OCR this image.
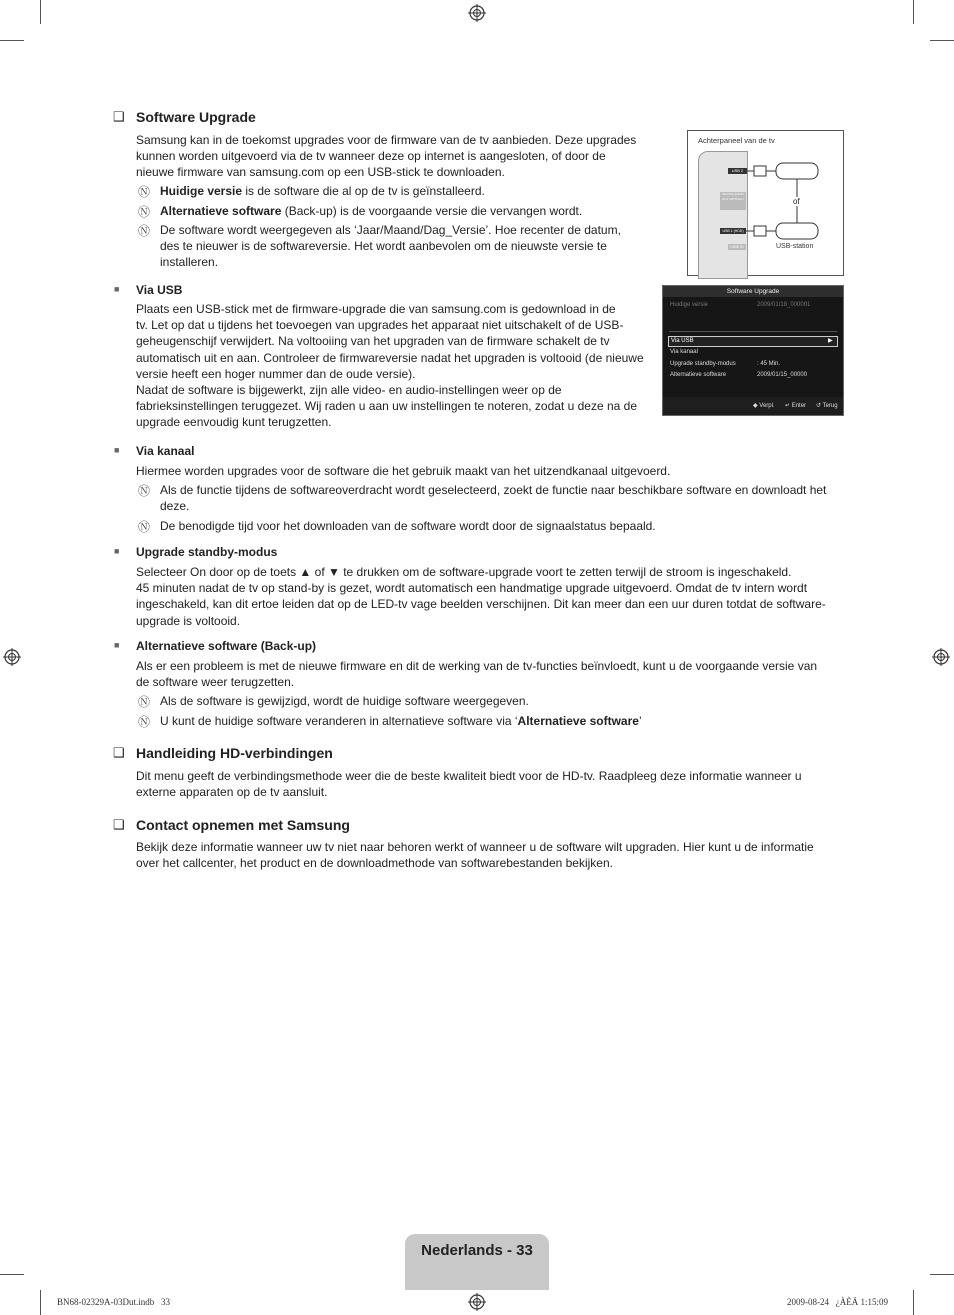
❑ Software Upgrade
Samsung kan in de toekomst upgrades voor de firmware van de tv aanbieden. Deze upgrades
kunnen worden uitgevoerd via de tv wanneer deze op internet is aangesloten, of door de
nieuwe firmware van samsung.com op een USB-stick te downloaden.
Ⓝ Huidige versie is de software die al op de tv is geïnstalleerd.
Ⓝ Alternatieve software (Back-up) is de voorgaande versie die vervangen wordt.
Ⓝ De software wordt weergegeven als ‘Jaar/Maand/Dag_Versie’. Hoe recenter de datum,
des te nieuwer is de softwareversie. Het wordt aanbevolen om de nieuwste versie te
installeren.
Achterpaneel van de tv
USB 2
DIGITAL AUDIO OUT (OPTICAL)
USB 1 (HDD)
HDMI IN
of
USB-station
■ Via USB
Plaats een USB-stick met de firmware-upgrade die van samsung.com is gedownload in de
tv. Let op dat u tijdens het toevoegen van upgrades het apparaat niet uitschakelt of de USB-
geheugenschijf verwijdert. Na voltooiing van het upgraden van de firmware schakelt de tv
automatisch uit en aan. Controleer de firmwareversie nadat het upgraden is voltooid (de nieuwe
versie heeft een hoger nummer dan de oude versie).
Nadat de software is bijgewerkt, zijn alle video- en audio-instellingen weer op de
fabrieksinstellingen teruggezet. Wij raden u aan uw instellingen te noteren, zodat u deze na de
upgrade eenvoudig kunt terugzetten.
Software Upgrade
Huidige versie	2009/01/18_000001
Via USB	▶
Via kanaal
Upgrade standby-modus	: 45 Min.
Alternatieve software	2009/01/15_00000
◆ Verpl. ↵ Enter ↺ Terug
■ Via kanaal
Hiermee worden upgrades voor de software die het gebruik maakt van het uitzendkanaal uitgevoerd.
Ⓝ Als de functie tijdens de softwareoverdracht wordt geselecteerd, zoekt de functie naar beschikbare software en downloadt het
deze.
Ⓝ De benodigde tijd voor het downloaden van de software wordt door de signaalstatus bepaald.
■ Upgrade standby-modus
Selecteer On door op de toets ▲ of ▼ te drukken om de software-upgrade voort te zetten terwijl de stroom is ingeschakeld.
45 minuten nadat de tv op stand-by is gezet, wordt automatisch een handmatige upgrade uitgevoerd. Omdat de tv intern wordt
ingeschakeld, kan dit ertoe leiden dat op de LED-tv vage beelden verschijnen. Dit kan meer dan een uur duren totdat de software-
upgrade is voltooid.
■ Alternatieve software (Back-up)
Als er een probleem is met de nieuwe firmware en dit de werking van de tv-functies beïnvloedt, kunt u de voorgaande versie van
de software weer terugzetten.
Ⓝ Als de software is gewijzigd, wordt de huidige software weergegeven.
Ⓝ U kunt de huidige software veranderen in alternatieve software via ‘Alternatieve software’
❑ Handleiding HD-verbindingen
Dit menu geeft de verbindingsmethode weer die de beste kwaliteit biedt voor de HD-tv. Raadpleeg deze informatie wanneer u
externe apparaten op de tv aansluit.
❑ Contact opnemen met Samsung
Bekijk deze informatie wanneer uw tv niet naar behoren werkt of wanneer u de software wilt upgraden. Hier kunt u de informatie
over het callcenter, het product en de downloadmethode van softwarebestanden bekijken.
Nederlands - 33
BN68-02329A-03Dut.indb   33	2009-08-24   ¿ÀÈÄ 1:15:09
